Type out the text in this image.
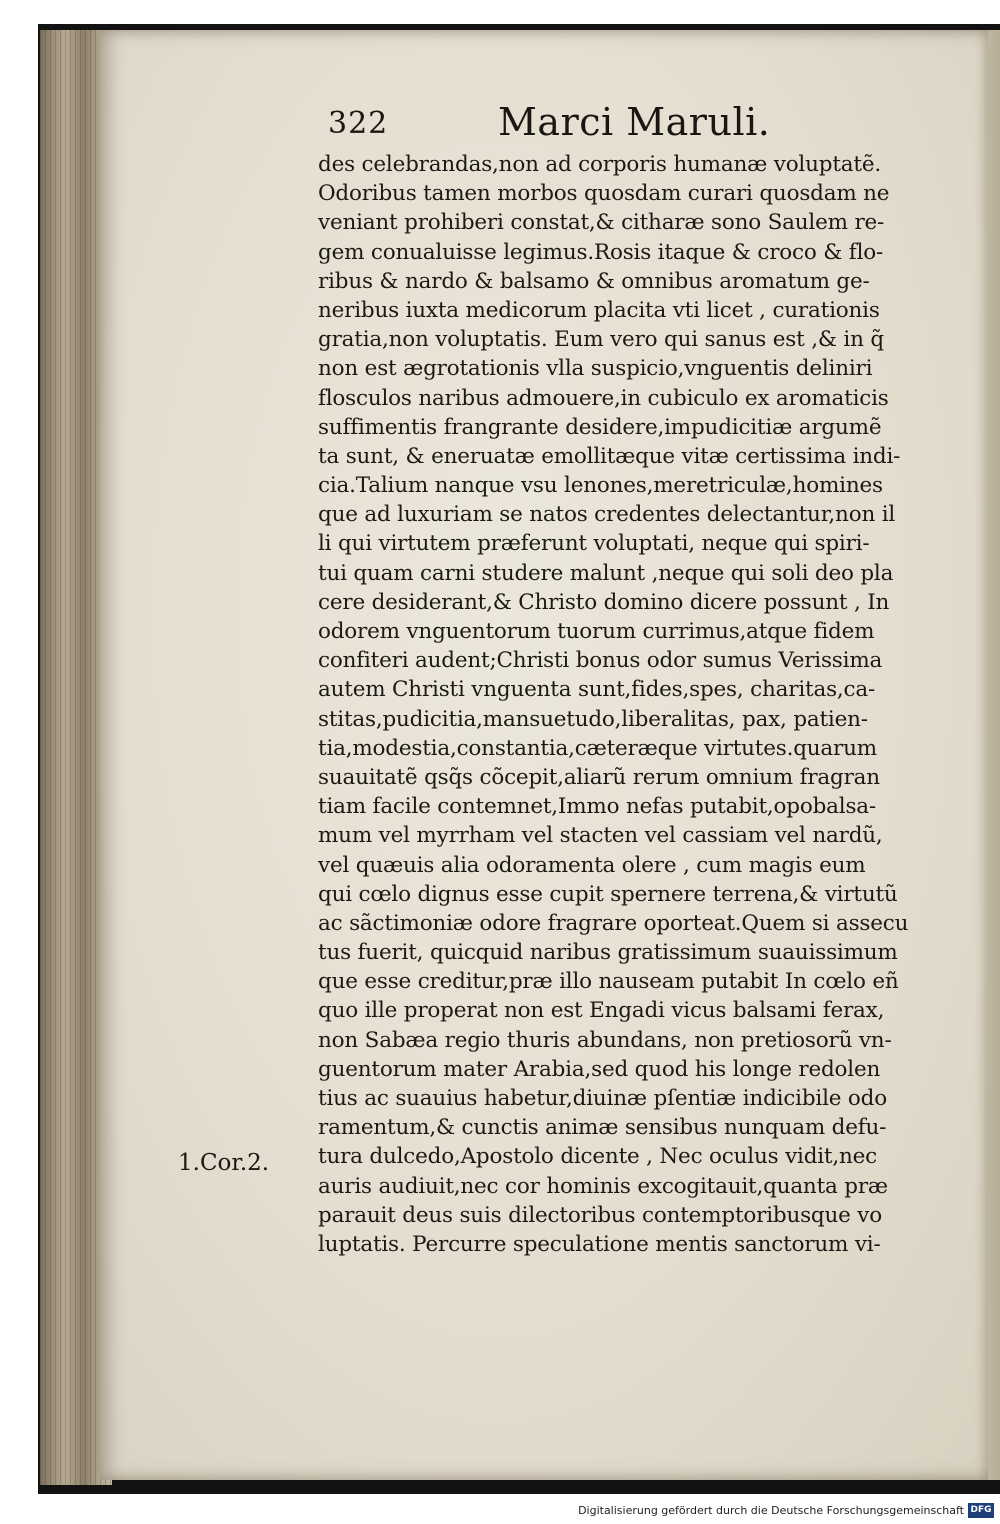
322	Marci Maruli.
1.Cor.2.
des celebrandas,non ad corporis humanæ voluptatẽ.
Odoribus tamen morbos quosdam curari quosdam ne
veniant prohiberi constat,& citharæ sono Saulem re-
gem conualuisse legimus.Rosis itaque & croco & flo-
ribus & nardo & balsamo & omnibus aromatum ge-
neribus iuxta medicorum placita vti licet , curationis
gratia,non voluptatis. Eum vero qui sanus est ,& in q̃
non est ægrotationis vlla suspicio,vnguentis deliniri
flosculos naribus admouere,in cubiculo ex aromaticis
suffimentis frangrante desidere,impudicitiæ argumẽ
ta sunt, & eneruatæ emollitæque vitæ certissima indi-
cia.Talium nanque vsu lenones,meretriculæ,homines
que ad luxuriam se natos credentes delectantur,non il
li qui virtutem præferunt voluptati, neque qui spiri-
tui quam carni studere malunt ,neque qui soli deo pla
cere desiderant,& Christo domino dicere possunt , In
odorem vnguentorum tuorum currimus,atque fidem
confiteri audent;Christi bonus odor sumus Verissima
autem Christi vnguenta sunt,fides,spes, charitas,ca-
stitas,pudicitia,mansuetudo,liberalitas, pax, patien-
tia,modestia,constantia,cæteræque virtutes.quarum
suauitatẽ qsq̃s cõcepit,aliarũ rerum omnium fragran
tiam facile contemnet,Immo nefas putabit,opobalsa-
mum vel myrrham vel stacten vel cassiam vel nardũ,
vel quæuis alia odoramenta olere , cum magis eum
qui cœlo dignus esse cupit spernere terrena,& virtutũ
ac sãctimoniæ odore fragrare oporteat.Quem si assecu
tus fuerit, quicquid naribus gratissimum suauissimum
que esse creditur,præ illo nauseam putabit In cœlo eñ
quo ille properat non est Engadi vicus balsami ferax,
non Sabæa regio thuris abundans, non pretiosorũ vn-
guentorum mater Arabia,sed quod his longe redolen
tius ac suauius habetur,diuinæ pſentiæ indicibile odo
ramentum,& cunctis animæ sensibus nunquam defu-
tura dulcedo,Apostolo dicente , Nec oculus vidit,nec
auris audiuit,nec cor hominis excogitauit,quanta præ
parauit deus suis dilectoribus contemptoribusque vo
luptatis. Percurre speculatione mentis sanctorum vi-
Digitalisierung gefördert durch die Deutsche Forschungsgemeinschaft DFG
